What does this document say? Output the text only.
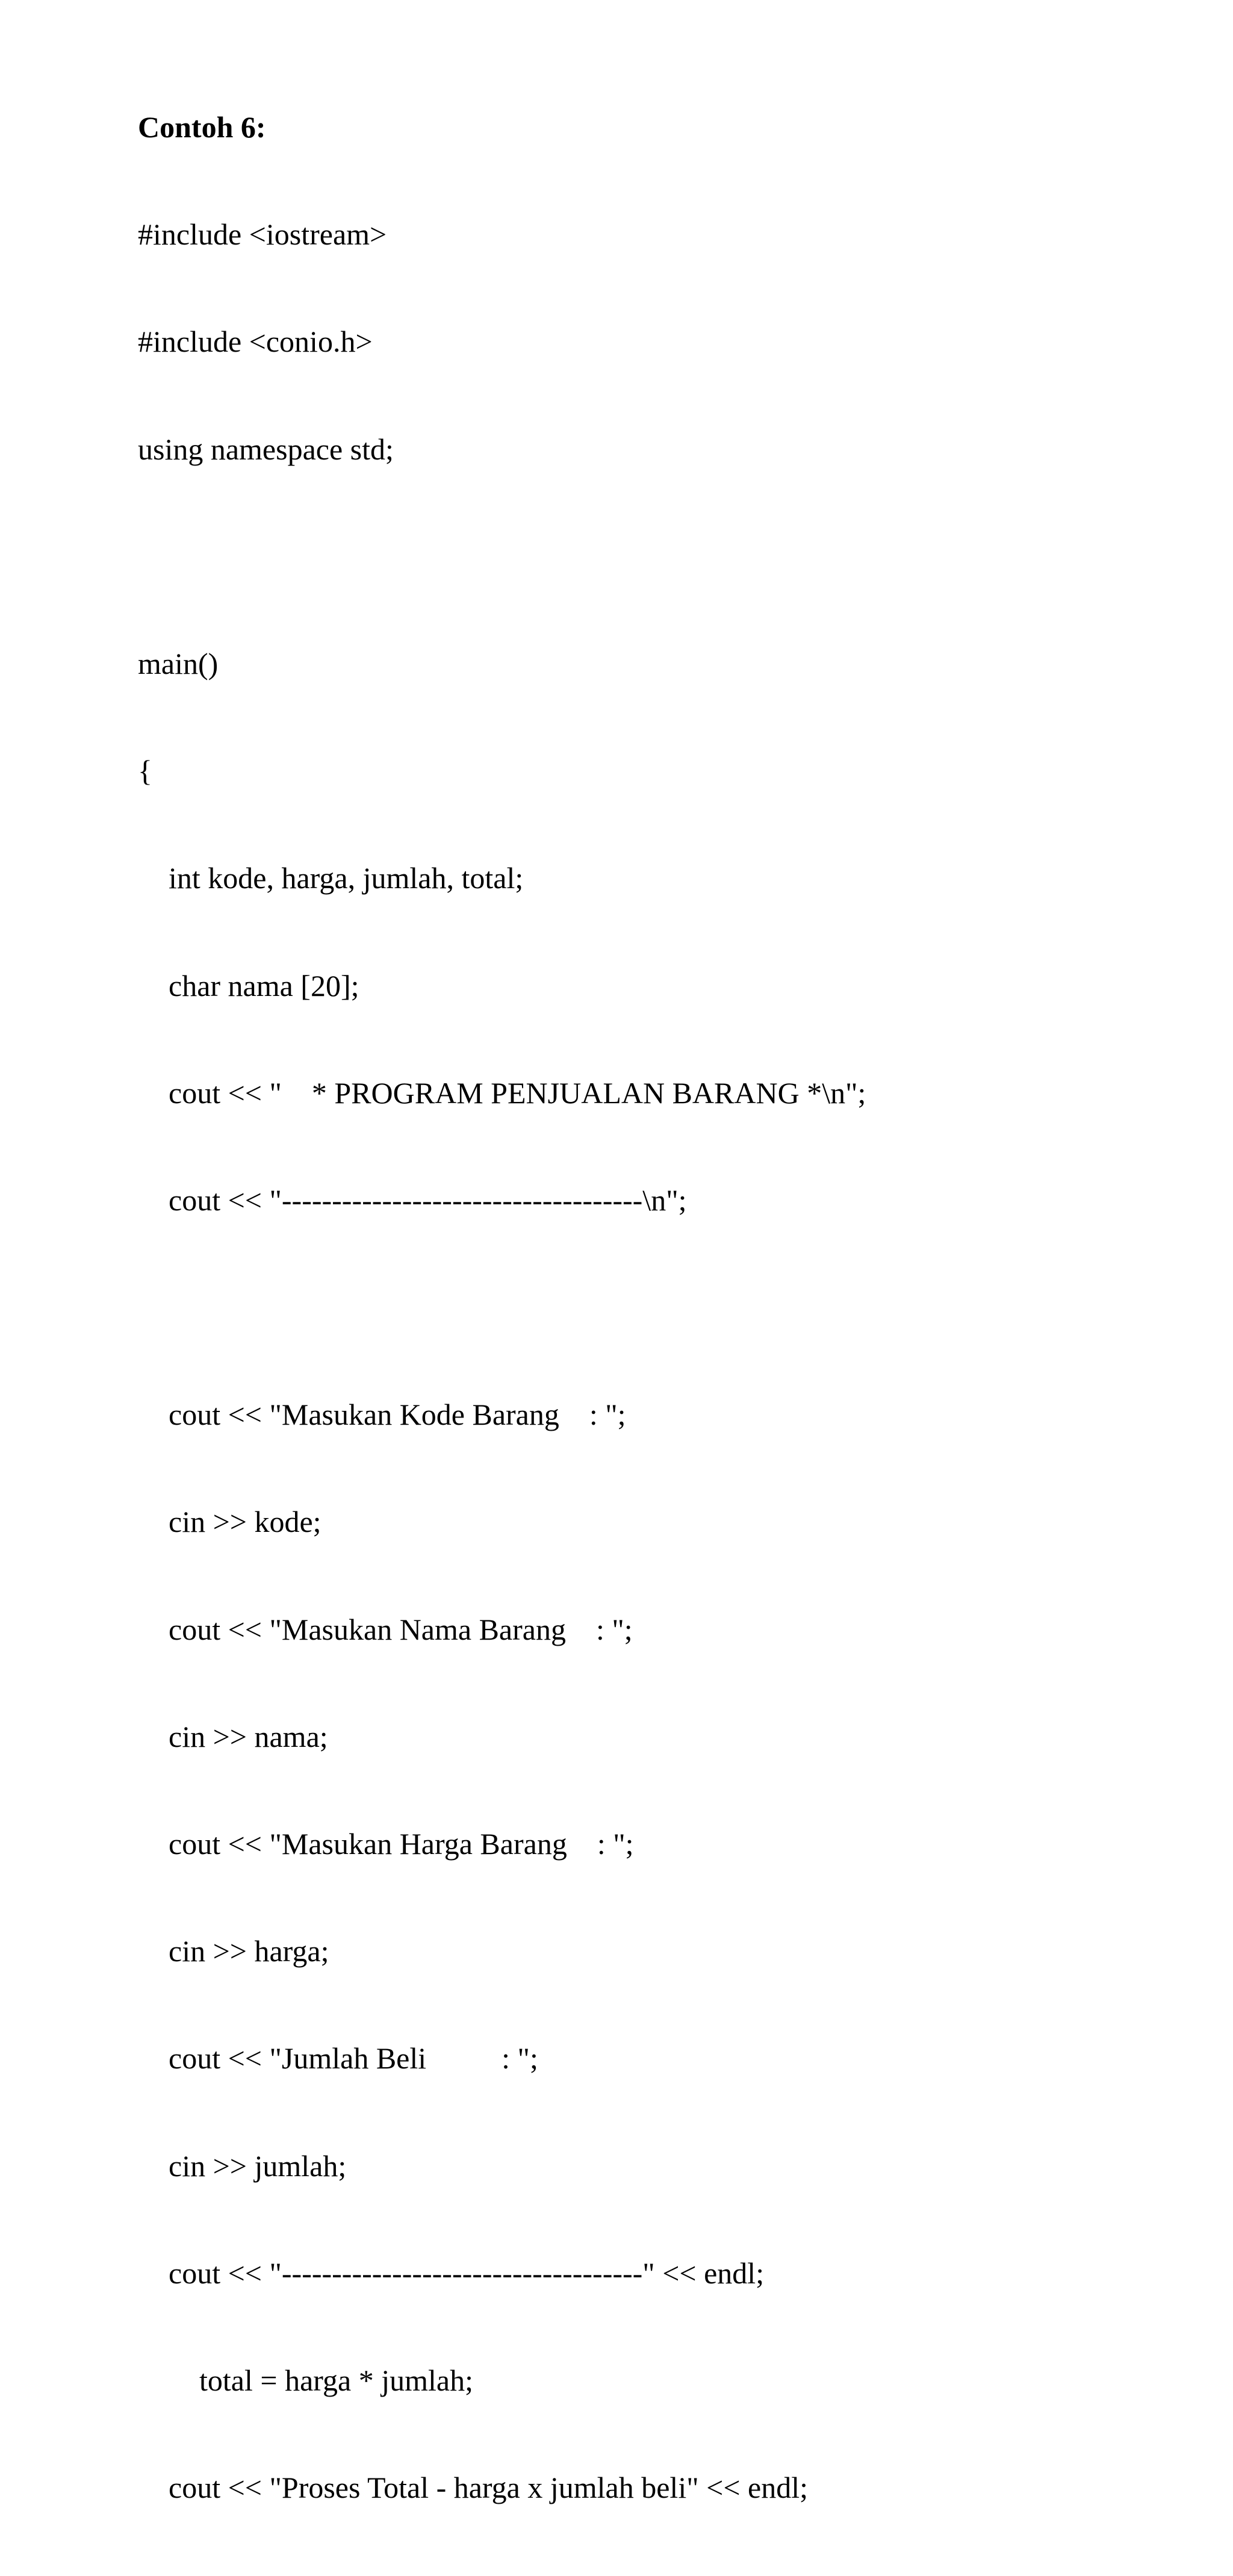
Contoh 6:

#include <iostream>

#include <conio.h>

using namespace std;

main()

{

int kode, harga, jumlah, total;

char nama [20];

cout << "    * PROGRAM PENJUALAN BARANG *\n";

cout << "------------------------------------\n";

cout << "Masukan Kode Barang    : ";

cin >> kode;

cout << "Masukan Nama Barang    : ";

cin >> nama;

cout << "Masukan Harga Barang    : ";

cin >> harga;

cout << "Jumlah Beli          : ";

cin >> jumlah;

cout << "------------------------------------" << endl;

total = harga * jumlah;

cout << "Proses Total - harga x jumlah beli" << endl;
